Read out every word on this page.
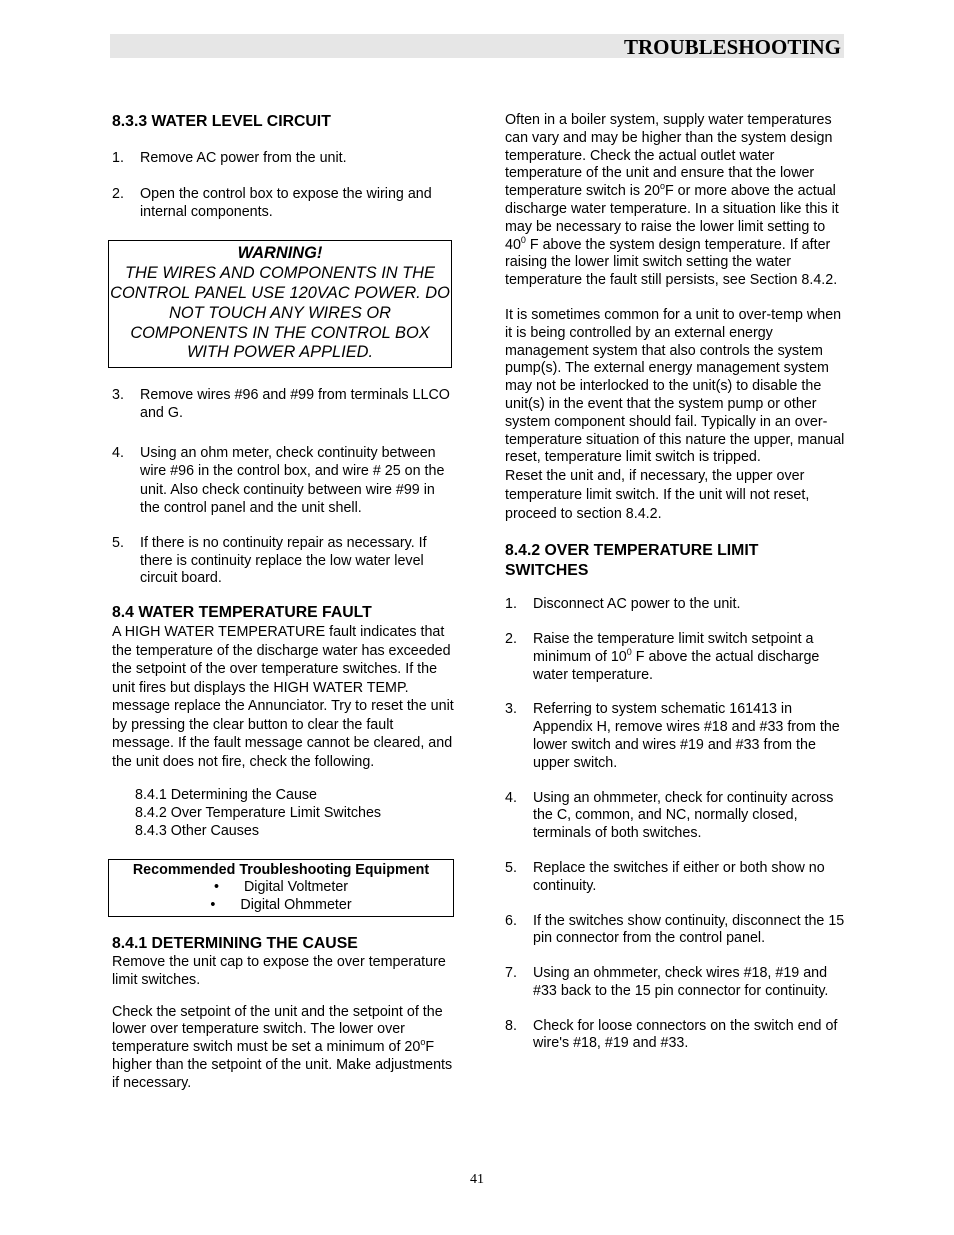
TROUBLESHOOTING
8.3.3 WATER LEVEL CIRCUIT
1. Remove AC power from the unit.
2. Open the control box to expose the wiring and internal components.
WARNING!
THE WIRES AND COMPONENTS IN THE CONTROL PANEL USE 120VAC POWER. DO NOT TOUCH ANY WIRES OR COMPONENTS IN THE CONTROL BOX WITH POWER APPLIED.
3. Remove wires #96 and #99 from terminals LLCO and G.
4. Using an ohm meter, check continuity between wire #96 in the control box, and wire # 25 on the unit. Also check continuity between wire #99 in the control panel and the unit shell.
5. If there is no continuity repair as necessary. If there is continuity replace the low water level circuit board.
8.4 WATER TEMPERATURE FAULT

A HIGH WATER TEMPERATURE fault indicates that the temperature of the discharge water has exceeded the setpoint of the over temperature switches. If the unit fires but displays the HIGH WATER TEMP. message replace the Annunciator. Try to reset the unit by pressing the clear button to clear the fault message. If the fault message cannot be cleared, and the unit does not fire, check the following.

8.4.1 Determining the Cause
8.4.2 Over Temperature Limit Switches
8.4.3 Other Causes
Recommended Troubleshooting Equipment
• Digital Voltmeter
• Digital Ohmmeter
8.4.1 DETERMINING THE CAUSE

Remove the unit cap to expose the over temperature limit switches.

Check the setpoint of the unit and the setpoint of the lower over temperature switch. The lower over temperature switch must be set a minimum of 20$^o$F higher than the setpoint of the unit. Make adjustments if necessary.

Often in a boiler system, supply water temperatures can vary and may be higher than the system design temperature. Check the actual outlet water temperature of the unit and ensure that the lower temperature switch is 20$^o$F or more above the actual discharge water temperature. In a situation like this it may be necessary to raise the lower limit setting to $40^0$ F above the system design temperature. If after raising the lower limit switch setting the water temperature the fault still persists, see Section 8.4.2.

It is sometimes common for a unit to over-temp when it is being controlled by an external energy management system that also controls the system pump(s). The external energy management system may not be interlocked to the unit(s) to disable the unit(s) in the event that the system pump or other system component should fail. Typically in an over-temperature situation of this nature the upper, manual reset, temperature limit switch is tripped.

Reset the unit and, if necessary, the upper over temperature limit switch. If the unit will not reset, proceed to section 8.4.2.

8.4.2 OVER TEMPERATURE LIMIT SWITCHES
1. Disconnect AC power to the unit.
2. Raise the temperature limit switch setpoint a minimum of $10^0$ F above the actual discharge water temperature.
3. Referring to system schematic 161413 in Appendix H, remove wires #18 and #33 from the lower switch and wires #19 and #33 from the upper switch.
4. Using an ohmmeter, check for continuity across the C, common, and NC, normally closed, terminals of both switches.
5. Replace the switches if either or both show no continuity.
6. If the switches show continuity, disconnect the 15 pin connector from the control panel.
7. Using an ohmmeter, check wires #18, #19 and #33 back to the 15 pin connector for continuity.
8. Check for loose connectors on the switch end of wire's #18, #19 and #33.
41
